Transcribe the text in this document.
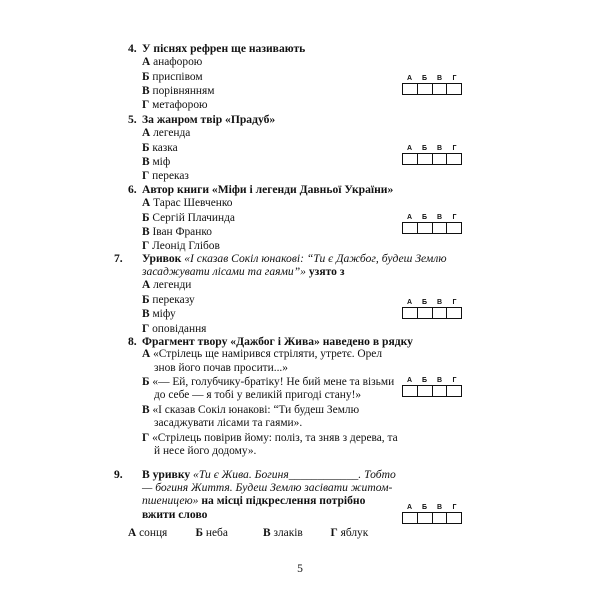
4. У піснях рефрен ще називають
А анафорою
Б приспівом
В порівнянням
Г метафорою
А	Б	В	Г
5. За жанром твір «Прадуб»
А легенда
Б казка
В міф
Г переказ
А	Б	В	Г
6. Автор книги «Міфи і легенди Давньої України»
А Тарас Шевченко
Б Сергій Плачинда
В Іван Франко
Г Леонід Глібов
А	Б	В	Г
7. Уривок «І сказав Сокіл юнакові: “Ти є Дажбог, будеш Землю засаджувати лісами та гаями”» узято з
А легенди
Б переказу
В міфу
Г оповідання
А	Б	В	Г
8. Фрагмент твору «Дажбог і Жива» наведено в рядку
А «Стрілець ще намірився стріляти, утретє. Орел знов його почав просити...»
Б «— Ей, голубчику-братіку! Не бий мене та візьми до себе — я тобі у великій пригоді стану!»
В «І сказав Сокіл юнакові: “Ти будеш Землю засаджувати лісами та гаями».
Г «Стрілець повірив йому: поліз, та зняв з дерева, та й несе його додому».
А	Б	В	Г
9. В уривку «Ти є Жива. Богиня____________. Тобто — богиня Життя. Будеш Землю засівати житом-пшеницею» на місці підкреслення потрібно вжити слово
А сонця	Б неба	В злаків	Г яблук
А	Б	В	Г
5
